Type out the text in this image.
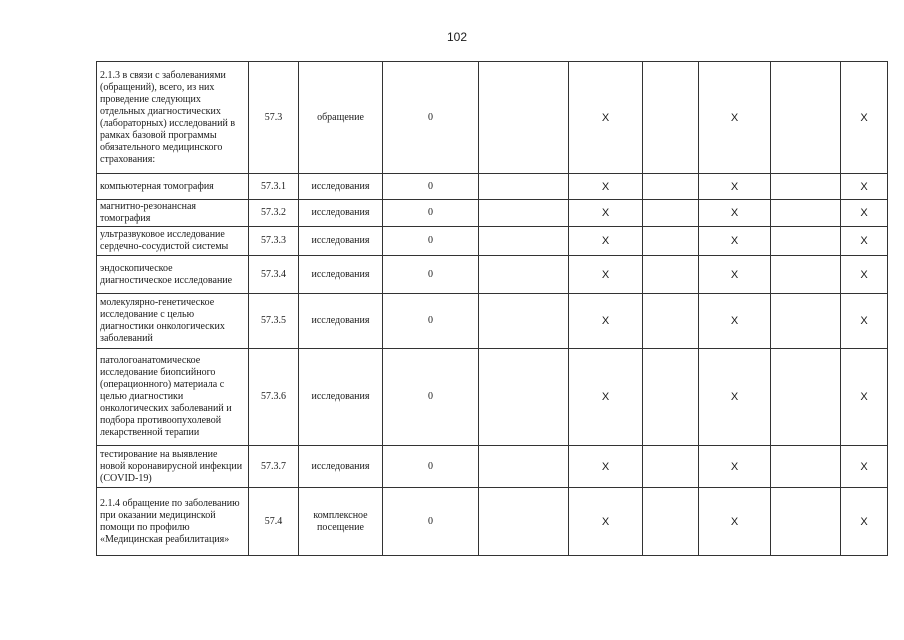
102
2.1.3 в связи с заболеваниями (обращений), всего, из них проведение следующих отдельных диагностических (лабораторных) исследований в рамках базовой программы обязательного медицинского страхования:	57.3	обращение	0		Х		Х		Х
компьютерная томография	57.3.1	исследования	0		Х		Х		Х
магнитно-резонансная томография	57.3.2	исследования	0		Х		Х		Х
ультразвуковое исследование сердечно-сосудистой системы	57.3.3	исследования	0		Х		Х		Х
эндоскопическое диагностическое исследование	57.3.4	исследования	0		Х		Х		Х
молекулярно-генетическое исследование с целью диагностики онкологических заболеваний	57.3.5	исследования	0		Х		Х		Х
патологоанатомическое исследование биопсийного (операционного) материала с целью диагностики онкологических заболеваний и подбора противоопухолевой лекарственной терапии	57.3.6	исследования	0		Х		Х		Х
тестирование на выявление новой коронавирусной инфекции (COVID-19)	57.3.7	исследования	0		Х		Х		Х
2.1.4 обращение по заболеванию при оказании медицинской помощи по профилю «Медицинская реабилитация»	57.4	комплексное посещение	0		Х		Х		Х
